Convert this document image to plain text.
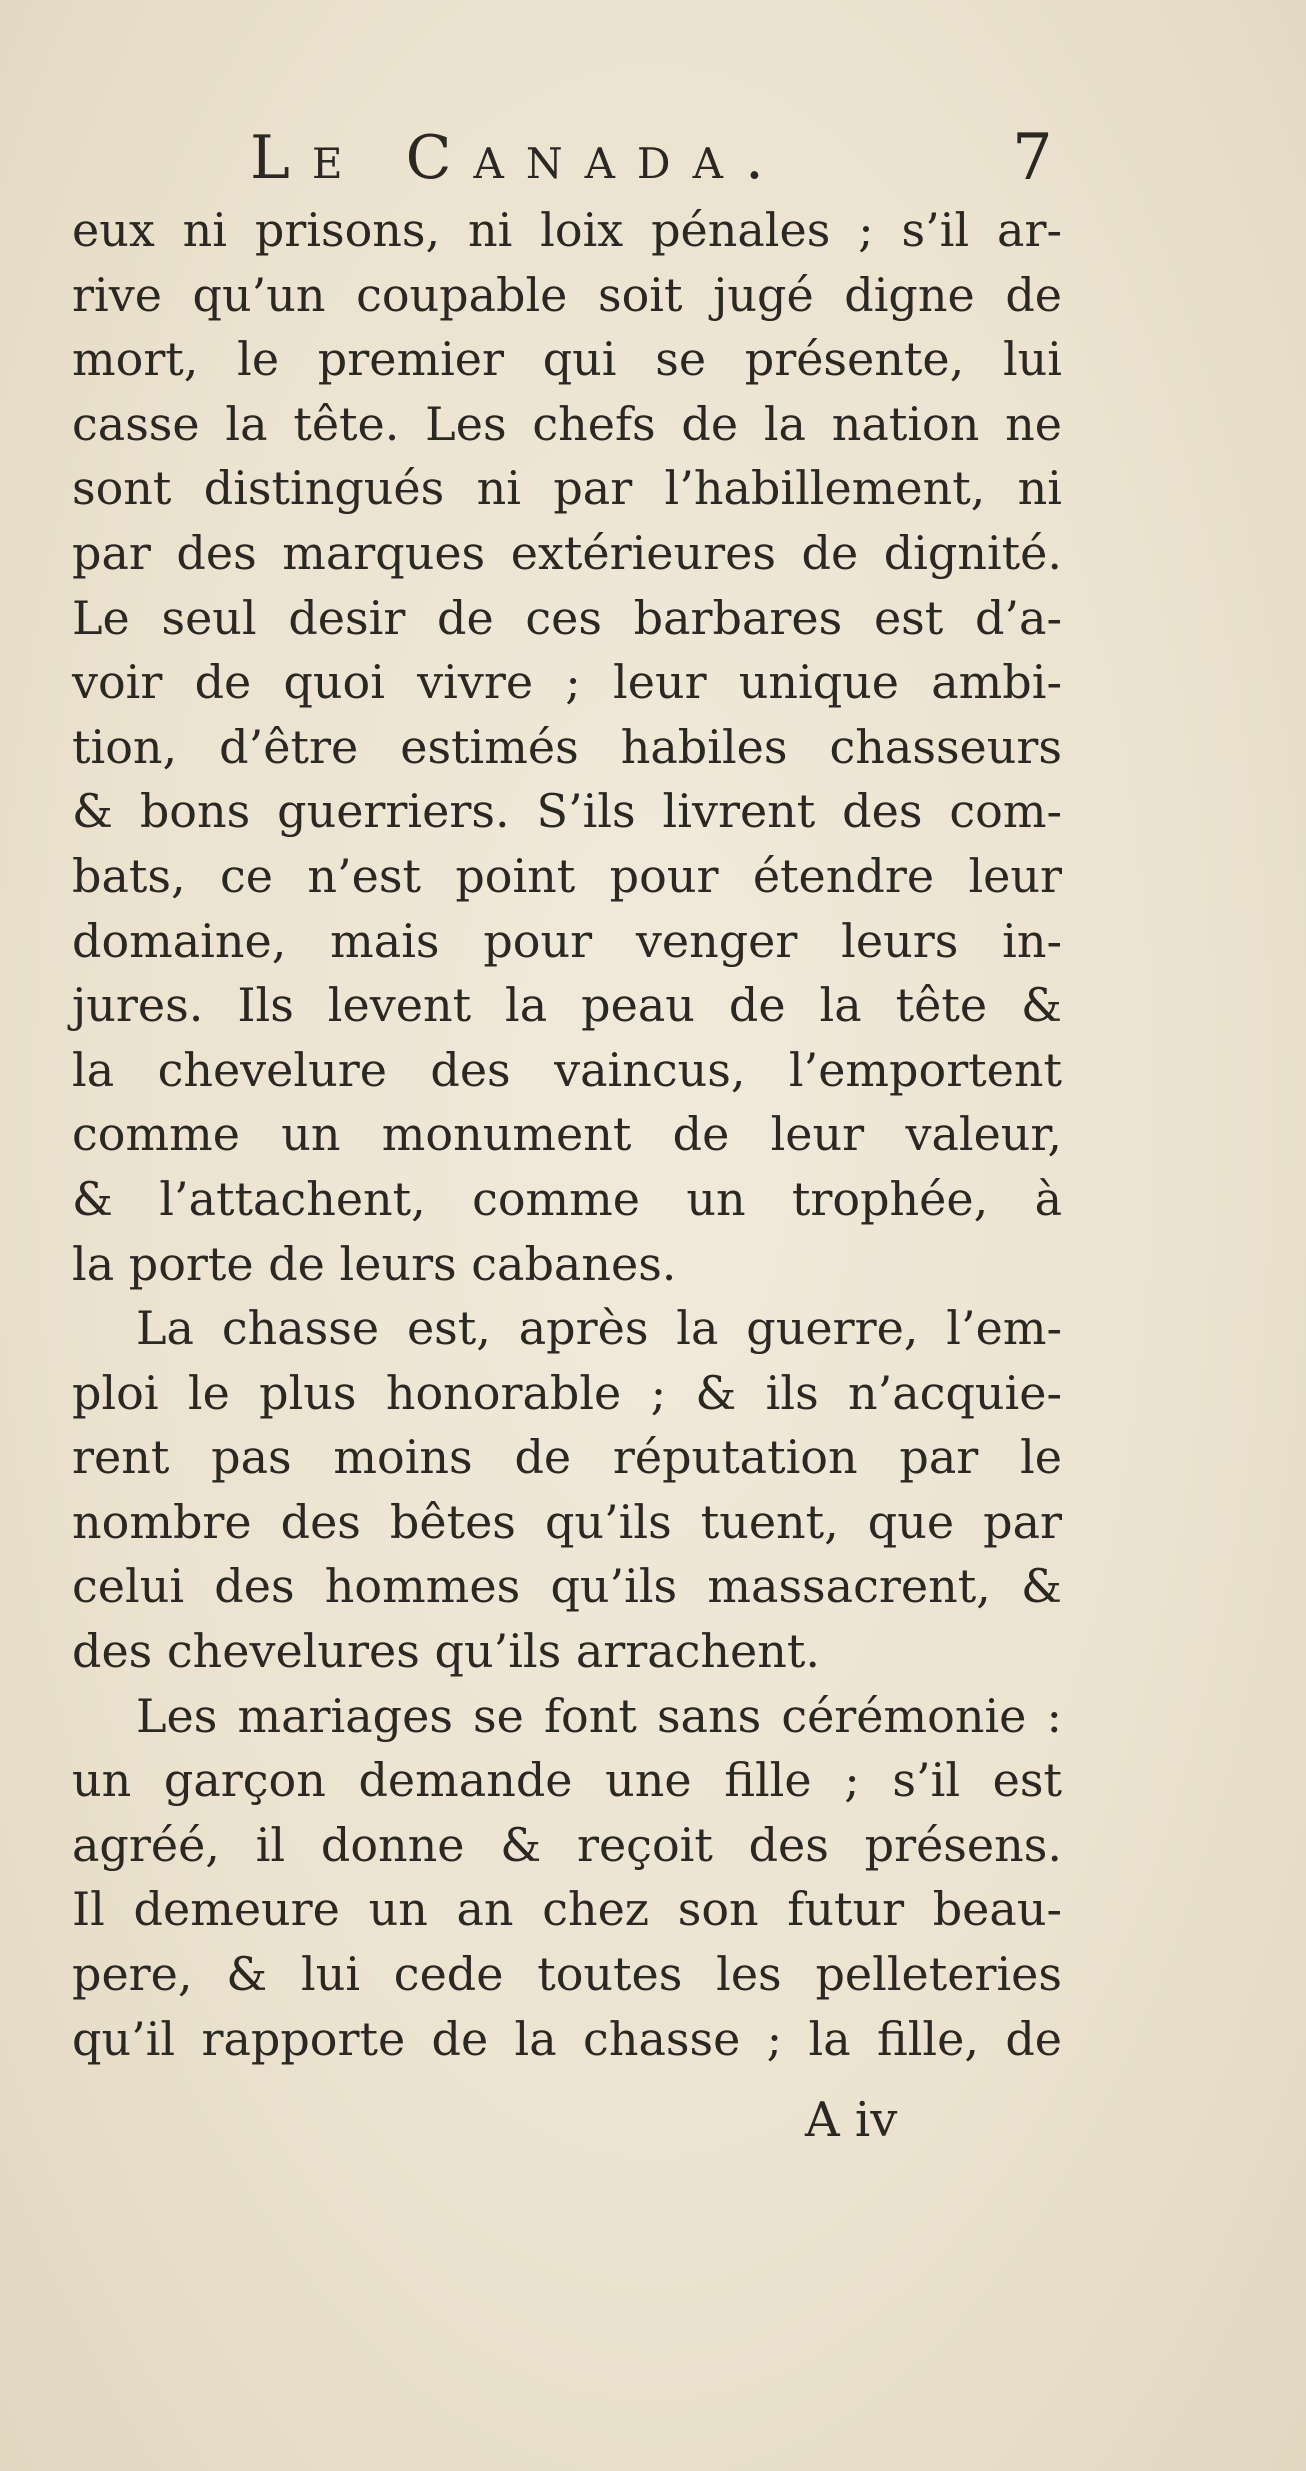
Le Canada.	7
eux ni prisons, ni loix pénales ; s’il ar-
rive qu’un coupable soit jugé digne de
mort, le premier qui se présente, lui
casse la tête. Les chefs de la nation ne
sont distingués ni par l’habillement, ni
par des marques extérieures de dignité.
Le seul desir de ces barbares est d’a-
voir de quoi vivre ; leur unique ambi-
tion, d’être estimés habiles chasseurs
& bons guerriers. S’ils livrent des com-
bats, ce n’est point pour étendre leur
domaine, mais pour venger leurs in-
jures. Ils levent la peau de la tête &
la chevelure des vaincus, l’emportent
comme un monument de leur valeur,
& l’attachent, comme un trophée, à
la porte de leurs cabanes.
La chasse est, après la guerre, l’em-
ploi le plus honorable ; & ils n’acquie-
rent pas moins de réputation par le
nombre des bêtes qu’ils tuent, que par
celui des hommes qu’ils massacrent, &
des chevelures qu’ils arrachent.
Les mariages se font sans cérémonie :
un garçon demande une fille ; s’il est
agréé, il donne & reçoit des présens.
Il demeure un an chez son futur beau-
pere, & lui cede toutes les pelleteries
qu’il rapporte de la chasse ; la fille, de
A iv
